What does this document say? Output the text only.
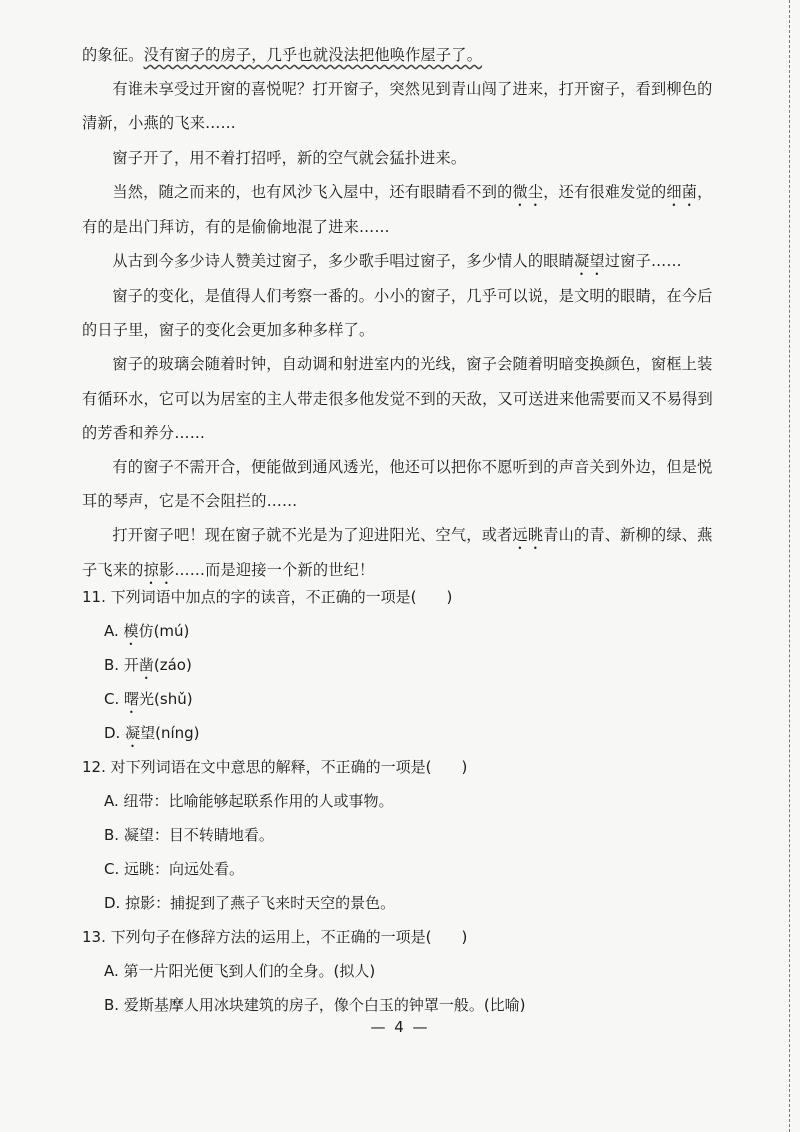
的象征。没有窗子的房子，几乎也就没法把他唤作屋子了。

有谁未享受过开窗的喜悦呢？打开窗子，突然见到青山闯了进来，打开窗子，看到柳色的清新，小燕的飞来……

窗子开了，用不着打招呼，新的空气就会猛扑进来。

当然，随之而来的，也有风沙飞入屋中，还有眼睛看不到的微尘，还有很难发觉的细菌，有的是出门拜访，有的是偷偷地混了进来……

从古到今多少诗人赞美过窗子，多少歌手唱过窗子，多少情人的眼睛凝望过窗子……

窗子的变化，是值得人们考察一番的。小小的窗子，几乎可以说，是文明的眼睛，在今后的日子里，窗子的变化会更加多种多样了。

窗子的玻璃会随着时钟，自动调和射进室内的光线，窗子会随着明暗变换颜色，窗框上装有循环水，它可以为居室的主人带走很多他发觉不到的天敌，又可送进来他需要而又不易得到的芳香和养分……

有的窗子不需开合，便能做到通风透光，他还可以把你不愿听到的声音关到外边，但是悦耳的琴声，它是不会阻拦的……

打开窗子吧！现在窗子就不光是为了迎进阳光、空气，或者远眺青山的青、新柳的绿、燕子飞来的掠影……而是迎接一个新的世纪！

11. 下列词语中加点的字的读音，不正确的一项是(　　)

A. 模仿(mú)

B. 开凿(záo)

C. 曙光(shǔ)

D. 凝望(níng)

12. 对下列词语在文中意思的解释，不正确的一项是(　　)

A. 纽带：比喻能够起联系作用的人或事物。

B. 凝望：目不转睛地看。

C. 远眺：向远处看。

D. 掠影：捕捉到了燕子飞来时天空的景色。

13. 下列句子在修辞方法的运用上，不正确的一项是(　　)

A. 第一片阳光便飞到人们的全身。(拟人)

B. 爱斯基摩人用冰块建筑的房子，像个白玉的钟罩一般。(比喻)

— 4 —
